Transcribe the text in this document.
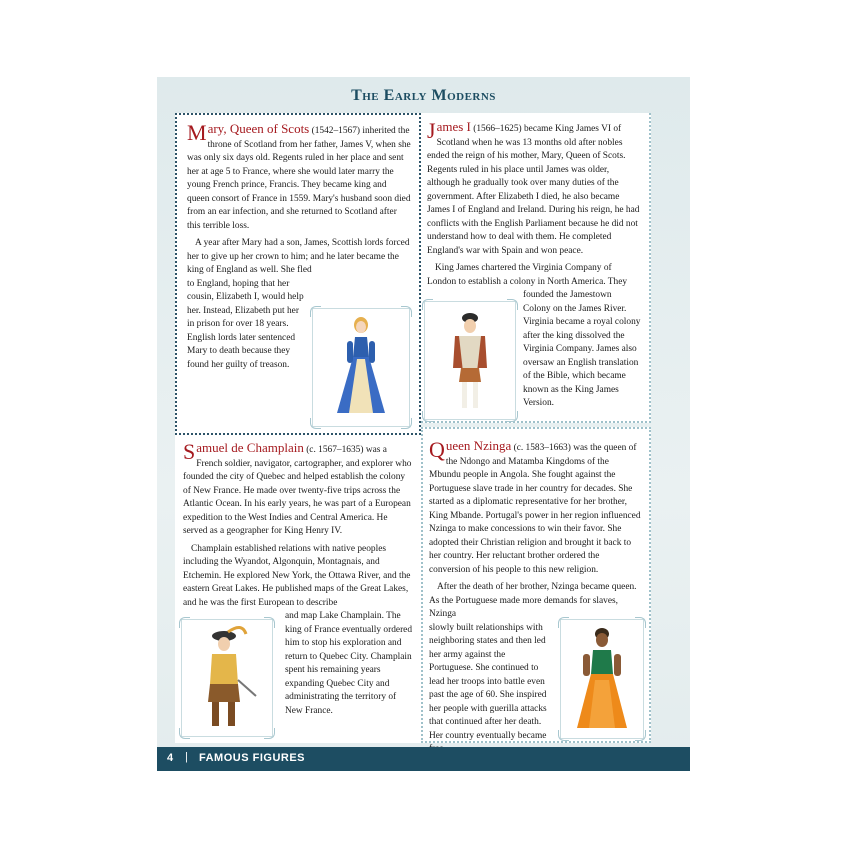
The Early Moderns

Mary, Queen of Scots (1542–1567) inherited the throne of Scotland from her father, James V, when she was only six days old. Regents ruled in her place and sent her at age 5 to France, where she would later marry the young French prince, Francis. They became king and queen consort of France in 1559. Mary's husband soon died from an ear infection, and she returned to Scotland after this terrible loss.

A year after Mary had a son, James, Scottish lords forced her to give up her crown to him; and he later became the king of England as well. She fled

to England, hoping that her cousin, Elizabeth I, would help her. Instead, Elizabeth put her in prison for over 18 years. English lords later sentenced Mary to death because they found her guilty of treason.

James I (1566–1625) became King James VI of Scotland when he was 13 months old after nobles ended the reign of his mother, Mary, Queen of Scots. Regents ruled in his place until James was older, although he gradually took over many duties of the government. After Elizabeth I died, he also became James I of England and Ireland. During his reign, he had conflicts with the English Parliament because he did not understand how to deal with them. He completed England's war with Spain and won peace.

King James chartered the Virginia Company of London to establish a colony in North America. They

founded the Jamestown Colony on the James River. Virginia became a royal colony after the king dissolved the Virginia Company. James also oversaw an English translation of the Bible, which became known as the King James Version.

Samuel de Champlain (c. 1567–1635) was a French soldier, navigator, cartographer, and explorer who founded the city of Quebec and helped establish the colony of New France. He made over twenty-five trips across the Atlantic Ocean. In his early years, he was part of a European expedition to the West Indies and Central America. He served as a geographer for King Henry IV.

Champlain established relations with native peoples including the Wyandot, Algonquin, Montagnais, and Etchemin. He explored New York, the Ottawa River, and the eastern Great Lakes. He published maps of the Great Lakes, and he was the first European to describe

and map Lake Champlain. The king of France eventually ordered him to stop his exploration and return to Quebec City. Champlain spent his remaining years expanding Quebec City and administrating the territory of New France.

Queen Nzinga (c. 1583–1663) was the queen of the Ndongo and Matamba Kingdoms of the Mbundu people in Angola. She fought against the Portuguese slave trade in her country for decades. She started as a diplomatic representative for her brother, King Mbande. Portugal's power in her region influenced Nzinga to make concessions to win their favor. She adopted their Christian religion and brought it back to her country. Her reluctant brother ordered the conversion of his people to this new religion.

After the death of her brother, Nzinga became queen. As the Portuguese made more demands for slaves, Nzinga

slowly built relationships with neighboring states and then led her army against the Portuguese. She continued to lead her troops into battle even past the age of 60. She inspired her people with guerilla attacks that continued after her death. Her country eventually became

4 | FAMOUS FIGURES
